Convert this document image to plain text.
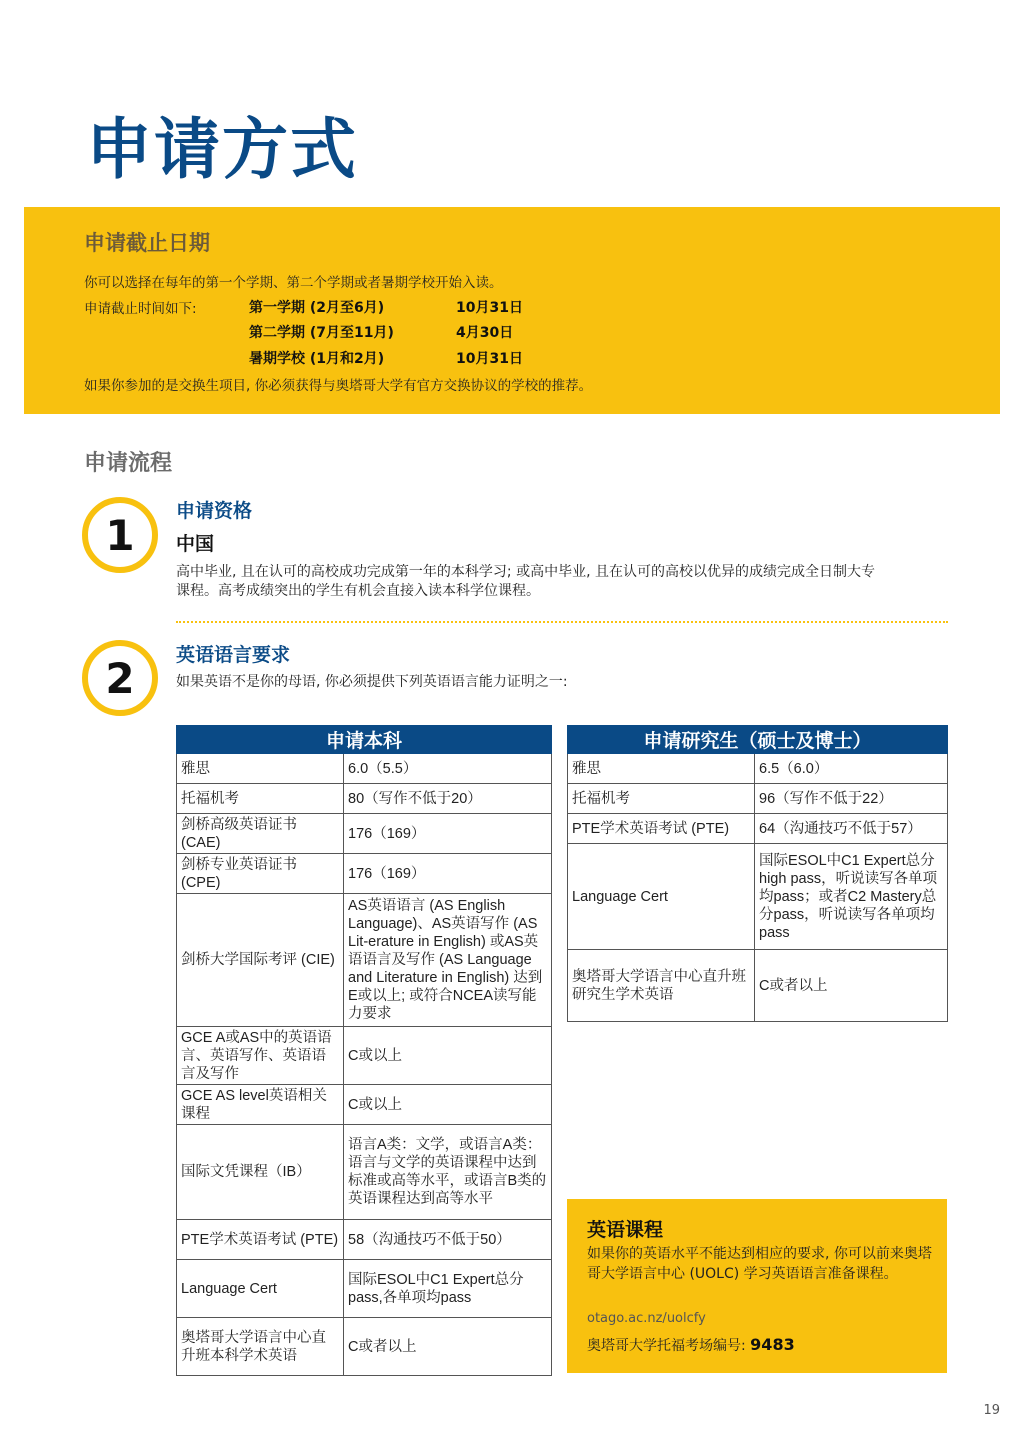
申请方式
申请截止日期
你可以选择在每年的第一个学期、第二个学期或者暑期学校开始入读。
申请截止时间如下:	第一学期 (2月至6月)	10月31日
第二学期 (7月至11月)	4月30日
暑期学校 (1月和2月)	10月31日
如果你参加的是交换生项目, 你必须获得与奥塔哥大学有官方交换协议的学校的推荐。
申请流程
1	申请资格
中国
高中毕业, 且在认可的高校成功完成第一年的本科学习; 或高中毕业, 且在认可的高校以优异的成绩完成全日制大专
课程。高考成绩突出的学生有机会直接入读本科学位课程。
2	英语语言要求
如果英语不是你的母语, 你必须提供下列英语语言能力证明之一:
申请本科	
雅思	6.0（5.5）
托福机考	80（写作不低于20）
剑桥高级英语证书 (CAE)	176（169）
剑桥专业英语证书 (CPE)	176（169）
剑桥大学国际考评 (CIE)	AS英语语言 (AS English Language)、AS英语写作 (AS Lit-erature in English) 或AS英语语言及写作 (AS Language and Literature in English) 达到E或以上; 或符合NCEA读写能力要求
GCE A或AS中的英语语言、英语写作、英语语言及写作	C或以上
GCE AS level英语相关课程	C或以上
国际文凭课程（IB）	语言A类：文学，或语言A类：语言与文学的英语课程中达到标准或高等水平，或语言B类的英语课程达到高等水平
PTE学术英语考试 (PTE)	58（沟通技巧不低于50）
Language Cert	国际ESOL中C1 Expert总分pass,各单项均pass
奥塔哥大学语言中心直升班本科学术英语	C或者以上
申请研究生（硕士及博士）	
雅思	6.5（6.0）
托福机考	96（写作不低于22）
PTE学术英语考试 (PTE)	64（沟通技巧不低于57）
Language Cert	国际ESOL中C1 Expert总分high pass，听说读写各单项均pass；或者C2 Mastery总分pass，听说读写各单项均pass
奥塔哥大学语言中心直升班研究生学术英语	C或者以上
英语课程
如果你的英语水平不能达到相应的要求, 你可以前来奥塔哥大学语言中心 (UOLC) 学习英语语言准备课程。
otago.ac.nz/uolcfy
奥塔哥大学托福考场编号: 9483
19
